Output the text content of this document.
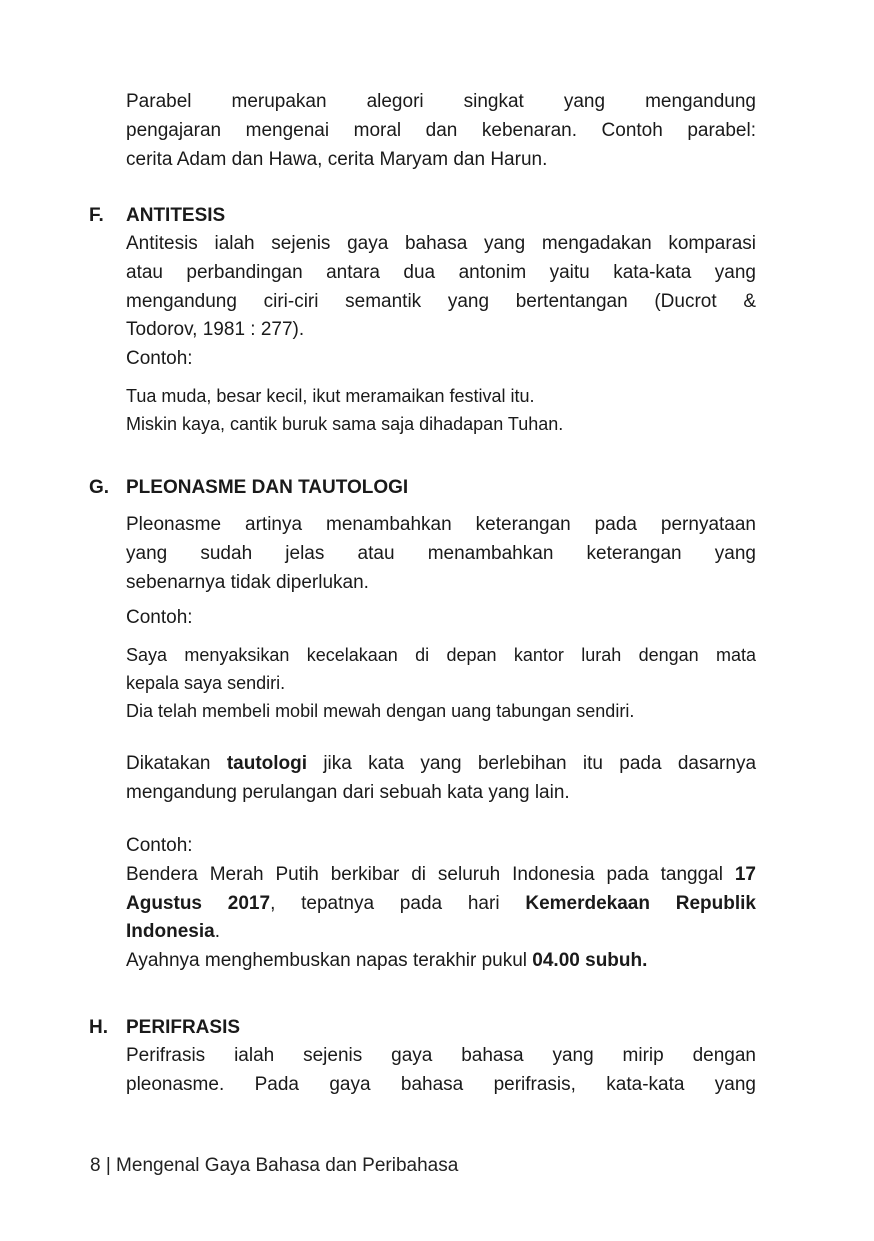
Parabel merupakan alegori singkat yang mengandung
pengajaran mengenai moral dan kebenaran. Contoh parabel:
cerita Adam dan Hawa, cerita Maryam dan Harun.
F. ANTITESIS
Antitesis ialah sejenis gaya bahasa yang mengadakan komparasi
atau perbandingan antara dua antonim yaitu kata-kata yang
mengandung ciri-ciri semantik yang bertentangan (Ducrot &
Todorov, 1981 : 277).
Contoh:
Tua muda, besar kecil, ikut meramaikan festival itu.
Miskin kaya, cantik buruk sama saja dihadapan Tuhan.
G. PLEONASME DAN TAUTOLOGI
Pleonasme artinya menambahkan keterangan pada pernyataan
yang sudah jelas atau menambahkan keterangan yang
sebenarnya tidak diperlukan.
Contoh:
Saya menyaksikan kecelakaan di depan kantor lurah dengan mata
kepala saya sendiri.
Dia telah membeli mobil mewah dengan uang tabungan sendiri.
Dikatakan tautologi jika kata yang berlebihan itu pada dasarnya
mengandung perulangan dari sebuah kata yang lain.
Contoh:
Bendera Merah Putih berkibar di seluruh Indonesia pada tanggal 17
Agustus 2017, tepatnya pada hari Kemerdekaan Republik
Indonesia.
Ayahnya menghembuskan napas terakhir pukul 04.00 subuh.
H. PERIFRASIS
Perifrasis ialah sejenis gaya bahasa yang mirip dengan
pleonasme. Pada gaya bahasa perifrasis, kata-kata yang
8 | Mengenal Gaya Bahasa dan Peribahasa
